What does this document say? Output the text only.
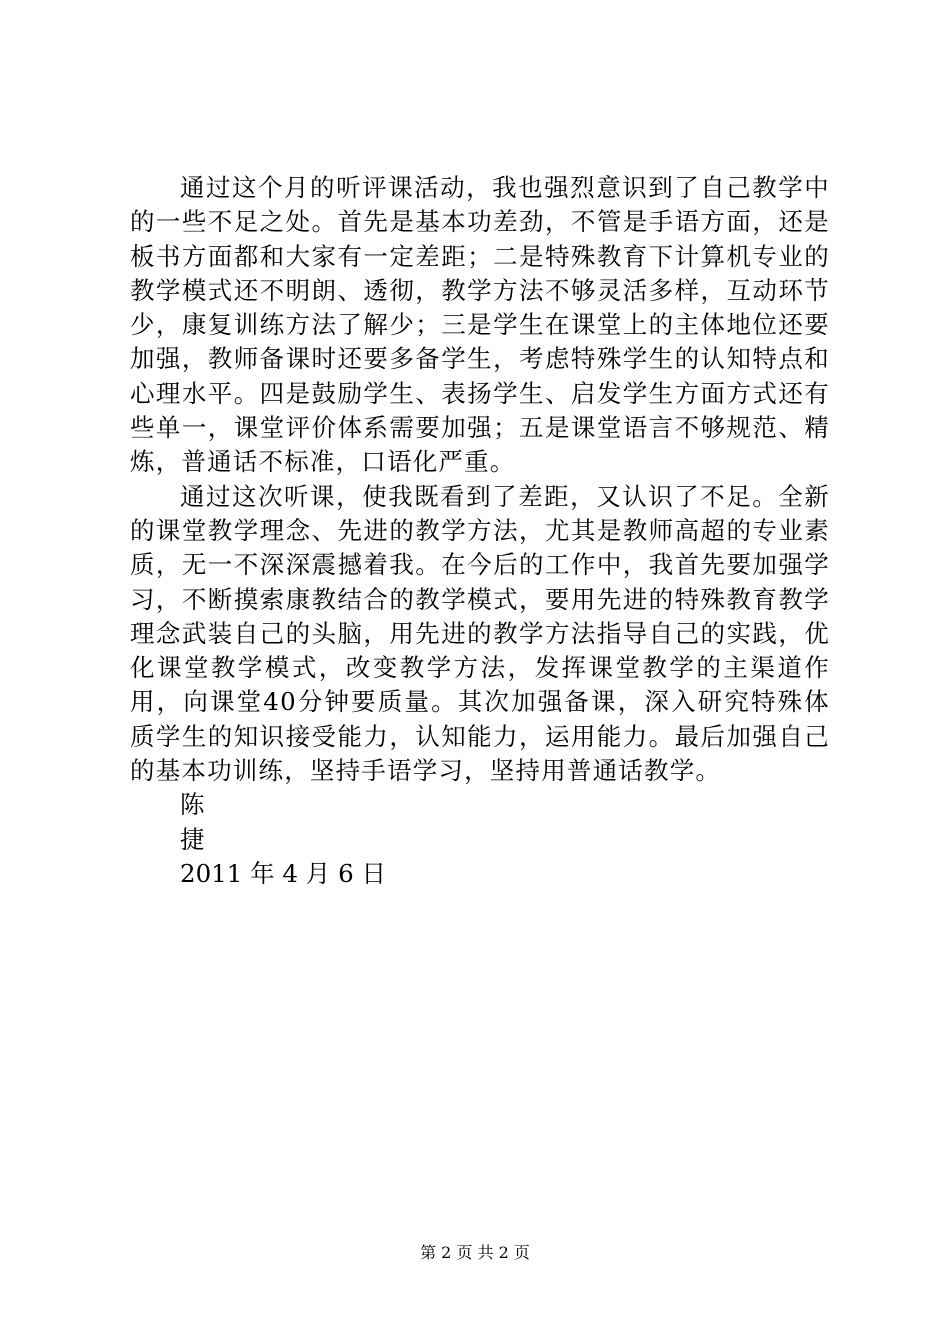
通过这个月的听评课活动，我也强烈意识到了自己教学中的一些不足之处。首先是基本功差劲，不管是手语方面，还是板书方面都和大家有一定差距；二是特殊教育下计算机专业的教学模式还不明朗、透彻，教学方法不够灵活多样，互动环节少，康复训练方法了解少；三是学生在课堂上的主体地位还要加强，教师备课时还要多备学生，考虑特殊学生的认知特点和心理水平。四是鼓励学生、表扬学生、启发学生方面方式还有些单一，课堂评价体系需要加强；五是课堂语言不够规范、精炼，普通话不标准，口语化严重。

通过这次听课，使我既看到了差距，又认识了不足。全新的课堂教学理念、先进的教学方法，尤其是教师高超的专业素质，无一不深深震撼着我。在今后的工作中，我首先要加强学习，不断摸索康教结合的教学模式，要用先进的特殊教育教学理念武装自己的头脑，用先进的教学方法指导自己的实践，优化课堂教学模式，改变教学方法，发挥课堂教学的主渠道作用，向课堂40分钟要质量。其次加强备课，深入研究特殊体质学生的知识接受能力，认知能力，运用能力。最后加强自己的基本功训练，坚持手语学习，坚持用普通话教学。

陈

捷

2011 年 4 月 6 日

第 2 页 共 2 页
